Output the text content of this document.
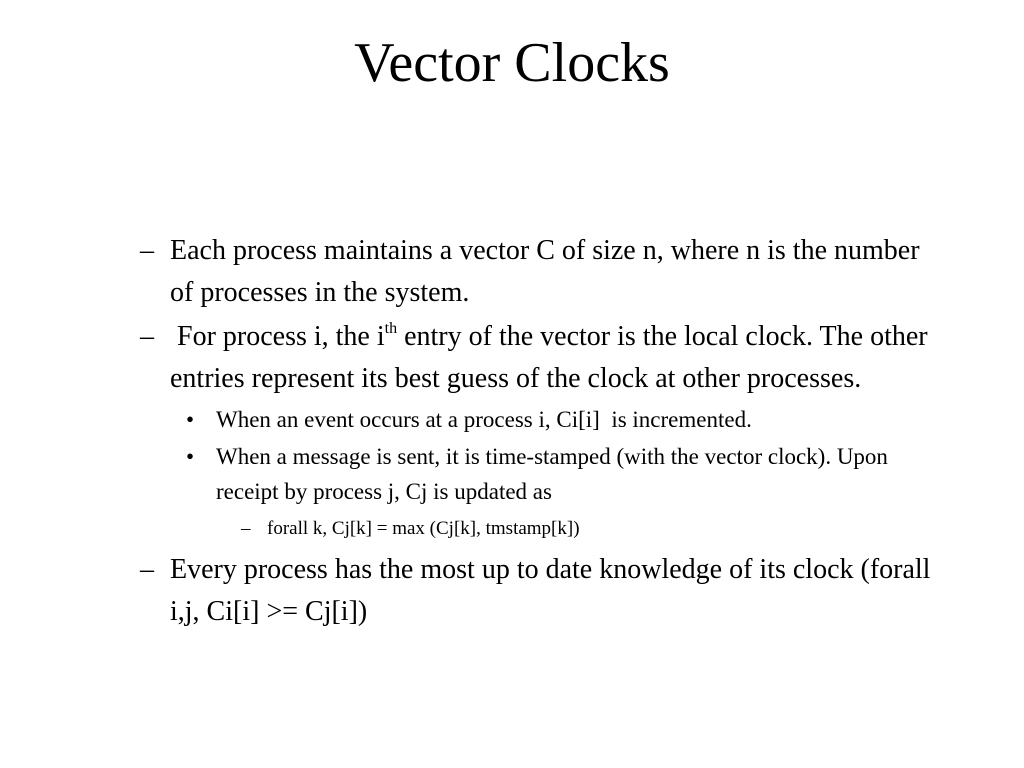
Vector Clocks

– Each process maintains a vector C of size n, where n is the number of processes in the system.

– For process i, the $i^{th}$ entry of the vector is the local clock. The other entries represent its best guess of the clock at other processes.

• When an event occurs at a process i, Ci[i]  is incremented.

• When a message is sent, it is time-stamped (with the vector clock). Upon receipt by process j, Cj is updated as

– forall k, Cj[k] = max (Cj[k], tmstamp[k])

– Every process has the most up to date knowledge of its clock (forall i,j, Ci[i] >= Cj[i])
